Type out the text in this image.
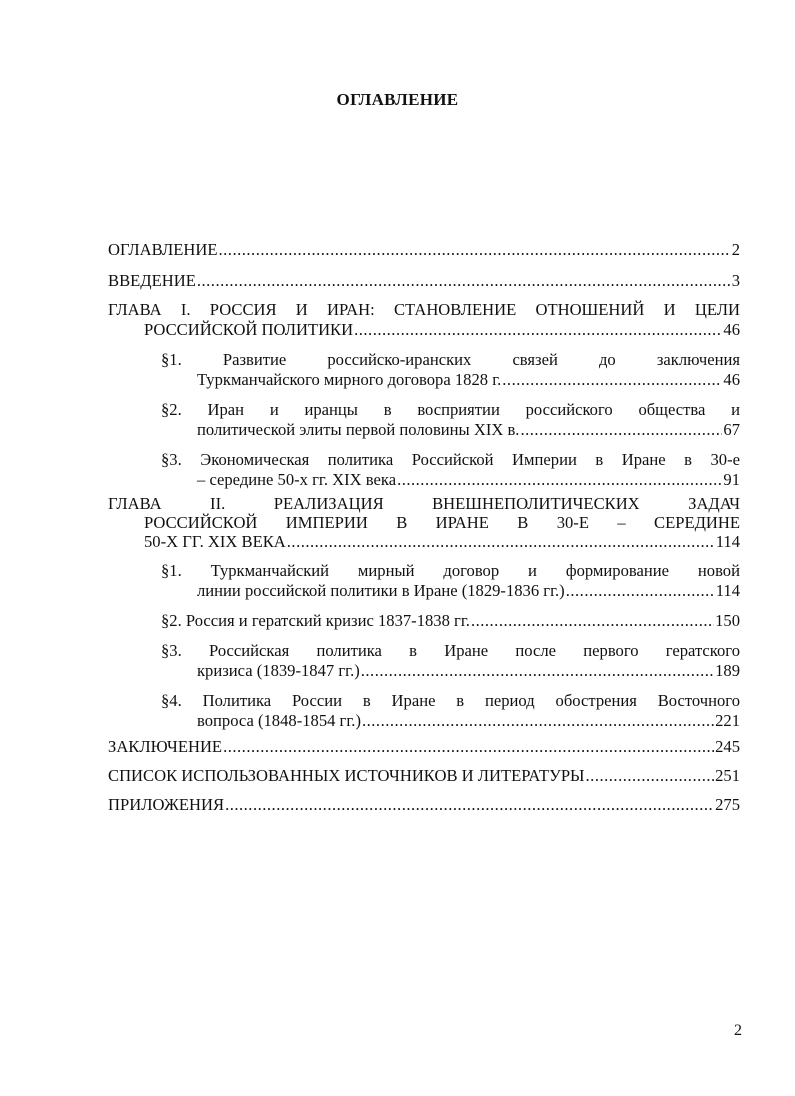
ОГЛАВЛЕНИЕ
ОГЛАВЛЕНИЕ .....	2
ВВЕДЕНИЕ .....	3
ГЛАВА I. РОССИЯ И ИРАН: СТАНОВЛЕНИЕ ОТНОШЕНИЙ И ЦЕЛИ
РОССИЙСКОЙ ПОЛИТИКИ .....	46
§1. Развитие российско-иранских связей до заключения
Туркманчайского мирного договора 1828 г. .....	46
§2. Иран и иранцы в восприятии российского общества и
политической элиты первой половины XIX в. .....	67
§3. Экономическая политика Российской Империи в Иране в 30-е
– середине 50-х гг. XIX века .....	91
ГЛАВА II. РЕАЛИЗАЦИЯ ВНЕШНЕПОЛИТИЧЕСКИХ ЗАДАЧ
РОССИЙСКОЙ ИМПЕРИИ В ИРАНЕ В 30-Е – СЕРЕДИНЕ
50-Х ГГ. XIX ВЕКА .....	114
§1. Туркманчайский мирный договор и формирование новой
линии российской политики в Иране (1829-1836 гг.) .....	114
§2. Россия и гератский кризис 1837-1838 гг. .....	150
§3. Российская политика в Иране после первого гератского
кризиса (1839-1847 гг.) .....	189
§4. Политика России в Иране в период обострения Восточного
вопроса (1848-1854 гг.) .....	221
ЗАКЛЮЧЕНИЕ .....	245
СПИСОК ИСПОЛЬЗОВАННЫХ ИСТОЧНИКОВ И ЛИТЕРАТУРЫ .....	251
ПРИЛОЖЕНИЯ .....	275
2
